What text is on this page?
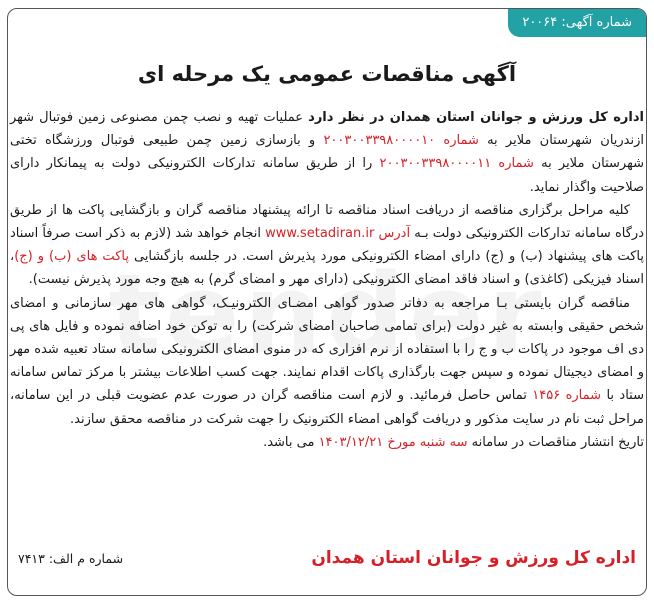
شماره آگهی: ۲۰۰۶۴
آگهی مناقصات عمومی یک مرحله ای

اداره کل ورزش و جوانان استان همدان در نظر دارد عملیات تهیه و نصب چمن مصنوعی زمین فوتبال شهر ازندریان شهرستان ملایر به شماره ۲۰۰۳۰۰۳۳۹۸۰۰۰۰۱۰ و بازسازی زمین چمن طبیعی فوتبال ورزشگاه تختی شهرستان ملایر به شماره ۲۰۰۳۰۰۳۳۹۸۰۰۰۰۱۱ را از طریق سامانه تدارکات الکترونیکی دولت به پیمانکار دارای صلاحیت واگذار نماید.

کلیه مراحل برگزاری مناقصه از دریافت اسناد مناقصه تا ارائه پیشنهاد مناقصه گران و بازگشایی پاکت ها از طریق درگاه سامانه تدارکات الکترونیکی دولت بـه آدرس www.setadiran.ir انجام خواهد شد (لازم به ذکر است صرفاً اسناد پاکت های پیشنهاد (ب) و (ج) دارای امضاء الکترونیکی مورد پذیرش است. در جلسه بازگشایی پاکت های (ب) و (ج)، اسناد فیزیکی (کاغذی) و اسناد فاقد امضای الکترونیکی (دارای مهر و امضای گرم) به هیچ وجه مورد پذیرش نیست).

مناقصه گران بایستی بـا مراجعه به دفاتر صدور گواهی امضـای الکترونیـک، گواهی های مهر سازمانی و امضای شخص حقیقی وابسته به غیر دولت (برای تمامی صاحبان امضای شرکت) را به توکن خود اضافه نموده و فایل های پی دی اف موجود در پاکات ب و ج را با استفاده از نرم افزاری که در منوی امضای الکترونیکی سامانه ستاد تعبیه شده مهر و امضای دیجیتال نموده و سپس جهت بارگذاری پاکات اقدام نمایند. جهت کسب اطلاعات بیشتر با مرکز تماس سامانه ستاد با شماره ۱۴۵۶ تماس حاصل فرمائید. و لازم است مناقصه گران در صورت عدم عضویت قبلی در این سامانه، مراحل ثبت نام در سایت مذکور و دریافت گواهی امضاء الکترونیک را جهت شرکت در مناقصه محقق سازند.

تاریخ انتشار مناقصات در سامانه سه شنبه مورخ ۱۴۰۳/۱۲/۲۱ می باشد.

اداره کل ورزش و جوانان استان همدان
شماره م الف: ۷۴۱۳
